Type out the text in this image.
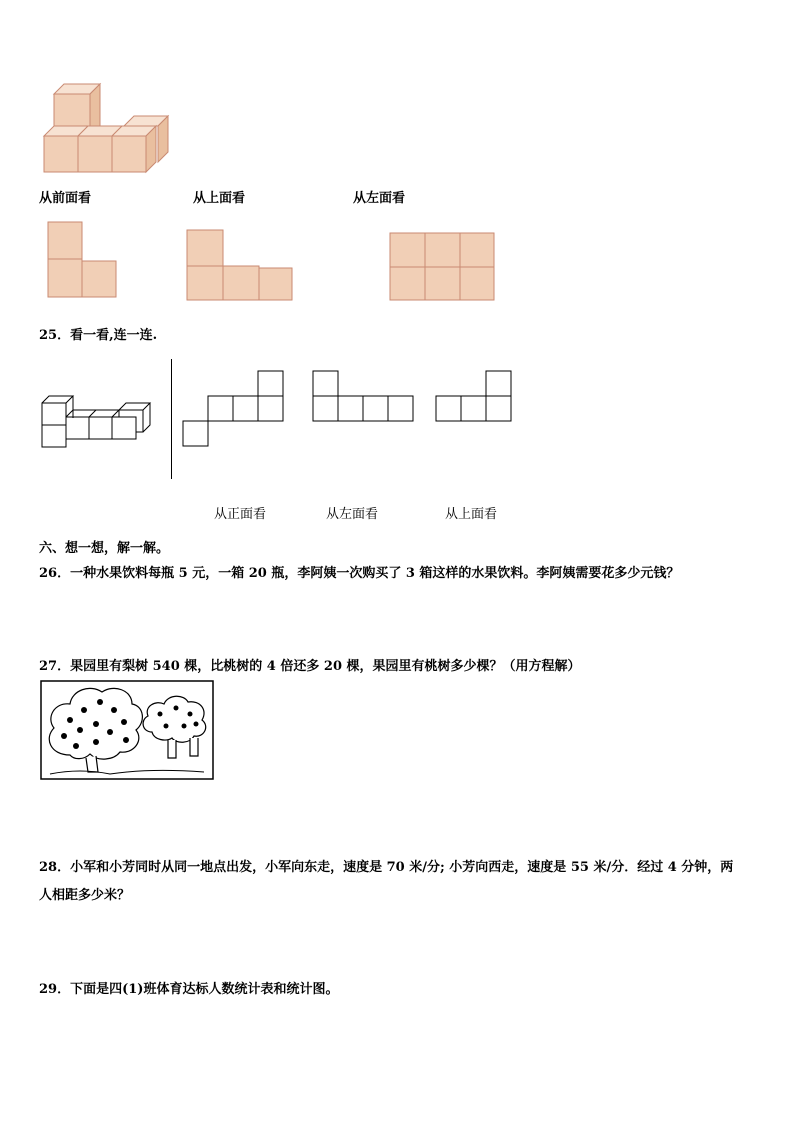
从前面看	从上面看	从左面看
25．看一看,连一连.
从正面看	从左面看	从上面看
六、想一想，解一解。
26．一种水果饮料每瓶 5 元，一箱 20 瓶，李阿姨一次购买了 3 箱这样的水果饮料。李阿姨需要花多少元钱？
27．果园里有梨树 540 棵，比桃树的 4 倍还多 20 棵，果园里有桃树多少棵？（用方程解）
28．小军和小芳同时从同一地点出发，小军向东走，速度是 70 米/分; 小芳向西走，速度是 55 米/分．经过 4 分钟，两
人相距多少米？
29．下面是四(1)班体育达标人数统计表和统计图。
